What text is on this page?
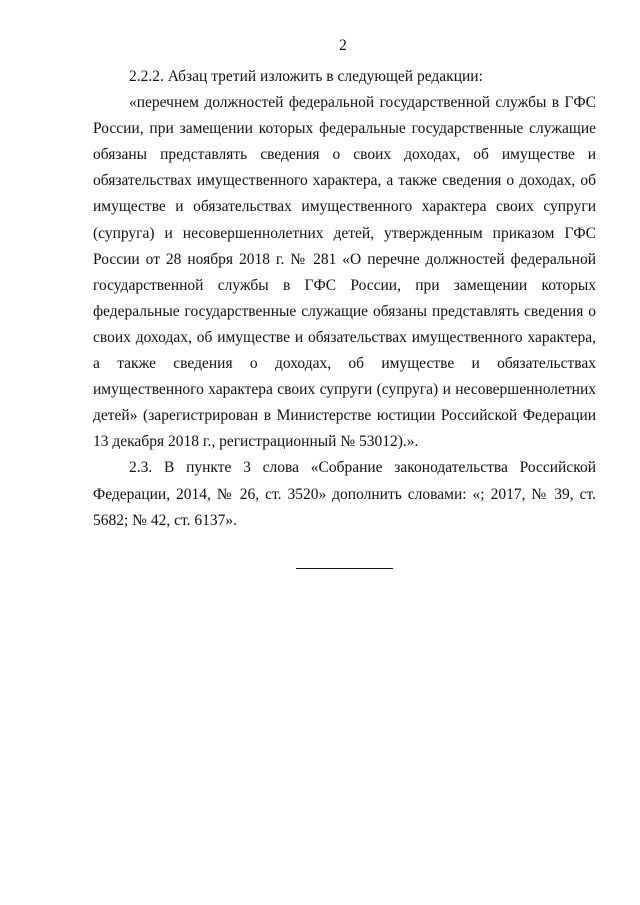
2

2.2.2. Абзац третий изложить в следующей редакции:

«перечнем должностей федеральной государственной службы в ГФС России, при замещении которых федеральные государственные служащие обязаны представлять сведения о своих доходах, об имуществе и обязательствах имущественного характера, а также сведения о доходах, об имуществе и обязательствах имущественного характера своих супруги (супруга) и несовершеннолетних детей, утвержденным приказом ГФС России от 28 ноября 2018 г. № 281 «О перечне должностей федеральной государственной службы в ГФС России, при замещении которых федеральные государственные служащие обязаны представлять сведения о своих доходах, об имуществе и обязательствах имущественного характера, а также сведения о доходах, об имуществе и обязательствах имущественного характера своих супруги (супруга) и несовершеннолетних детей» (зарегистрирован в Министерстве юстиции Российской Федерации 13 декабря 2018 г., регистрационный № 53012).».

2.3. В пункте 3 слова «Собрание законодательства Российской Федерации, 2014, № 26, ст. 3520» дополнить словами: «; 2017, № 39, ст. 5682; № 42, ст. 6137».
